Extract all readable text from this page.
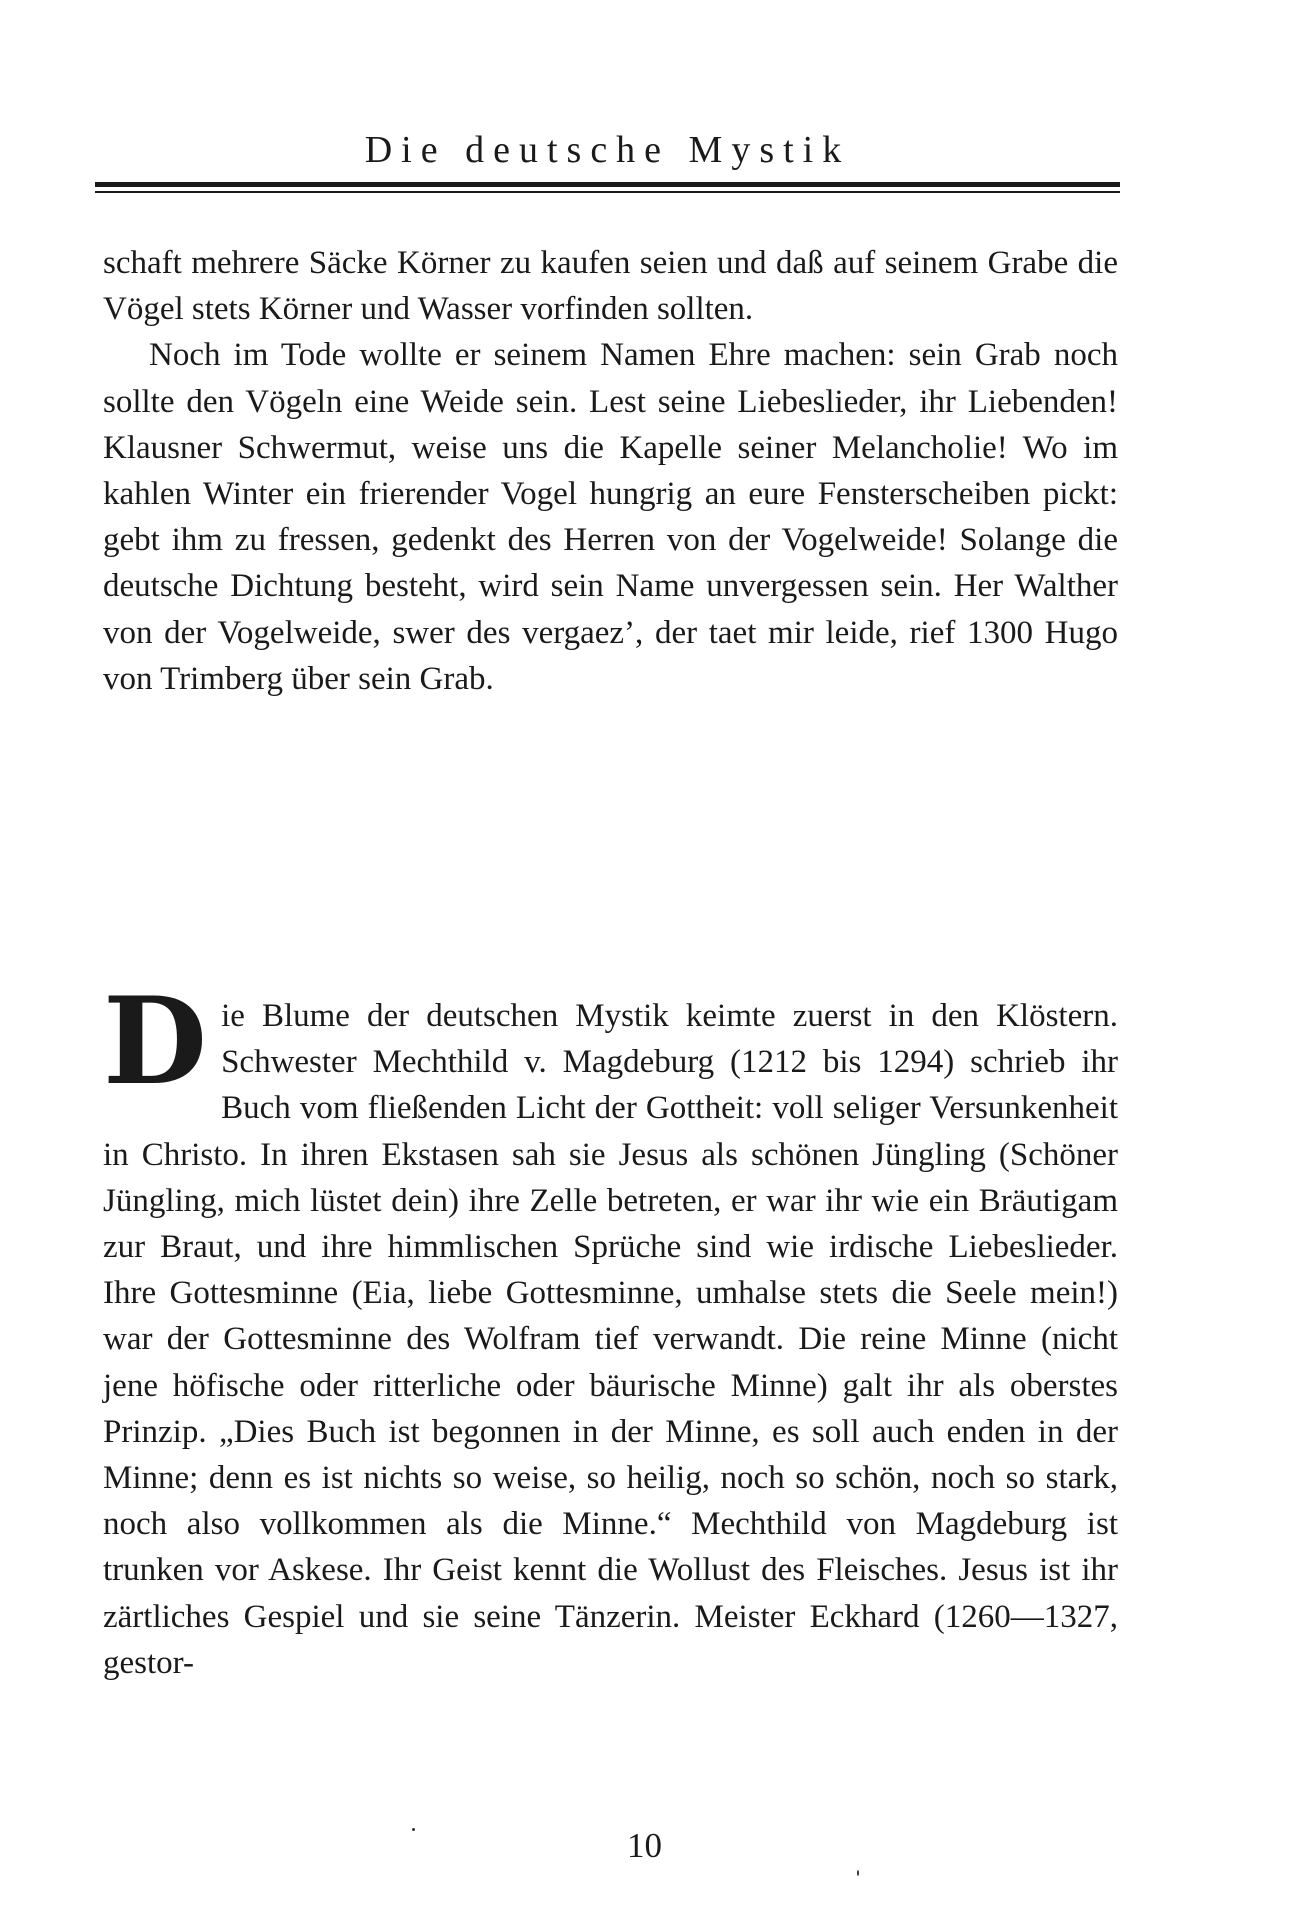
Die deutsche Mystik

schaft mehrere Säcke Körner zu kaufen seien und daß auf seinem Grabe die Vögel stets Körner und Wasser vorfinden sollten.

Noch im Tode wollte er seinem Namen Ehre machen: sein Grab noch sollte den Vögeln eine Weide sein. Lest seine Liebeslieder, ihr Liebenden! Klausner Schwermut, weise uns die Kapelle seiner Melancholie! Wo im kahlen Winter ein frierender Vogel hungrig an eure Fensterscheiben pickt: gebt ihm zu fressen, gedenkt des Herren von der Vogelweide! Solange die deutsche Dichtung besteht, wird sein Name unvergessen sein. Her Walther von der Vogelweide, swer des vergaez’, der taet mir leide, rief 1300 Hugo von Trimberg über sein Grab.

Die Blume der deutschen Mystik keimte zuerst in den Klöstern. Schwester Mechthild v. Magdeburg (1212 bis 1294) schrieb ihr Buch vom fließenden Licht der Gottheit: voll seliger Versunkenheit in Christo. In ihren Ekstasen sah sie Jesus als schönen Jüngling (Schöner Jüngling, mich lüstet dein) ihre Zelle betreten, er war ihr wie ein Bräutigam zur Braut, und ihre himmlischen Sprüche sind wie irdische Liebeslieder. Ihre Gottesminne (Eia, liebe Gottesminne, umhalse stets die Seele mein!) war der Gottesminne des Wolfram tief verwandt. Die reine Minne (nicht jene höfische oder ritterliche oder bäurische Minne) galt ihr als oberstes Prinzip. „Dies Buch ist begonnen in der Minne, es soll auch enden in der Minne; denn es ist nichts so weise, so heilig, noch so schön, noch so stark, noch also vollkommen als die Minne.“ Mechthild von Magdeburg ist trunken vor Askese. Ihr Geist kennt die Wollust des Fleisches. Jesus ist ihr zärtliches Gespiel und sie seine Tänzerin. Meister Eckhard (1260—1327, gestor-

10
